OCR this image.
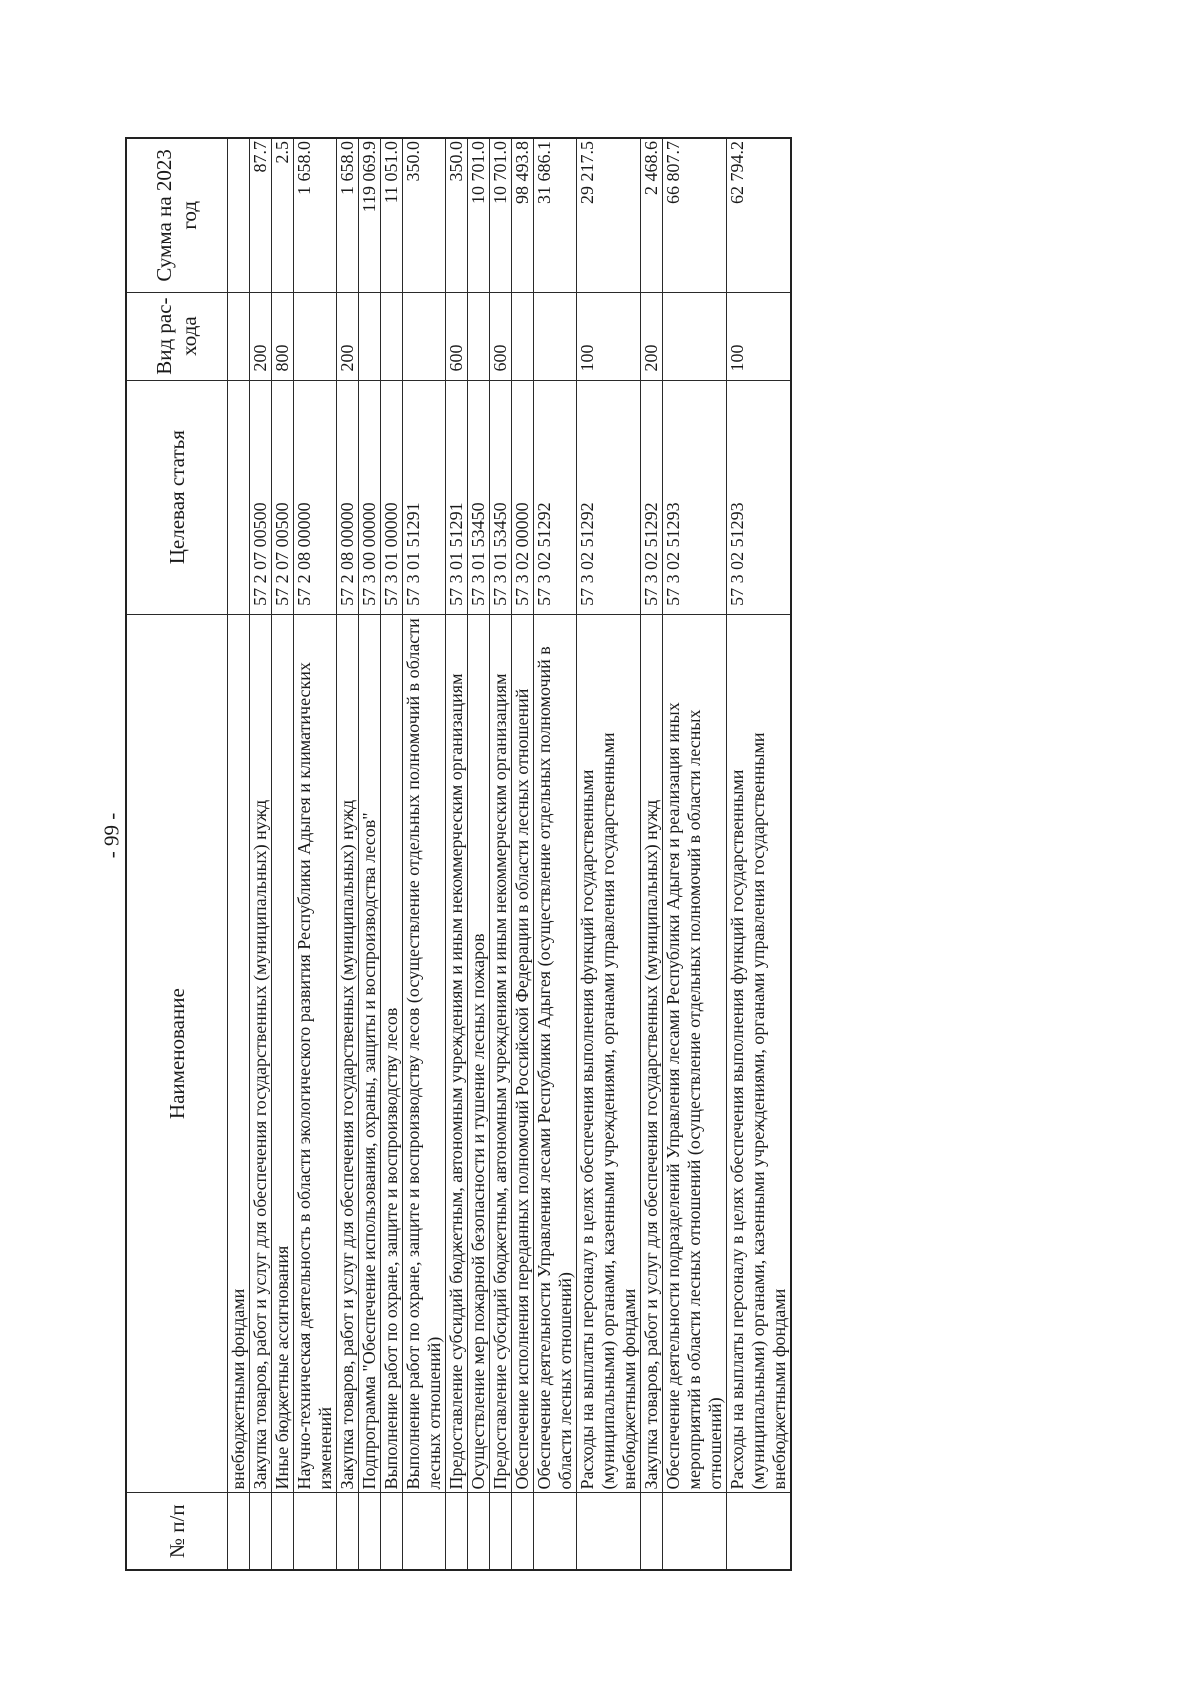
- 99 -
№ п/п	Наименование	Целевая статья	Вид рас-хода	Сумма на 2023 год
	внебюджетными фондами			
	Закупка товаров, работ и услуг для обеспечения государственных (муниципальных) нужд	57 2 07 00500	200	87.7
	Иные бюджетные ассигнования	57 2 07 00500	800	2.5
	Научно-техническая деятельность в области экологического развития Республики Адыгея и климатических изменений	57 2 08 00000		1 658.0
	Закупка товаров, работ и услуг для обеспечения государственных (муниципальных) нужд	57 2 08 00000	200	1 658.0
	Подпрограмма "Обеспечение использования, охраны, защиты и воспроизводства лесов"	57 3 00 00000		119 069.9
	Выполнение работ по охране, защите и воспроизводству лесов	57 3 01 00000		11 051.0
	Выполнение работ по охране, защите и воспроизводству лесов (осуществление отдельных полномочий в области лесных отношений)	57 3 01 51291		350.0
	Предоставление субсидий бюджетным, автономным учреждениям и иным некоммерческим организациям	57 3 01 51291	600	350.0
	Осуществление мер пожарной безопасности и тушение лесных пожаров	57 3 01 53450		10 701.0
	Предоставление субсидий бюджетным, автономным учреждениям и иным некоммерческим организациям	57 3 01 53450	600	10 701.0
	Обеспечение исполнения переданных полномочий Российской Федерации в области лесных отношений	57 3 02 00000		98 493.8
	Обеспечение деятельности Управления лесами Республики Адыгея (осуществление отдельных полномочий в области лесных отношений)	57 3 02 51292		31 686.1
	Расходы на выплаты персоналу в целях обеспечения выполнения функций государственными (муниципальными) органами, казенными учреждениями, органами управления государственными внебюджетными фондами	57 3 02 51292	100	29 217.5
	Закупка товаров, работ и услуг для обеспечения государственных (муниципальных) нужд	57 3 02 51292	200	2 468.6
	Обеспечение деятельности подразделений Управления лесами Республики Адыгея и реализация иных мероприятий в области лесных отношений (осуществление отдельных полномочий в области лесных отношений)	57 3 02 51293		66 807.7
	Расходы на выплаты персоналу в целях обеспечения выполнения функций государственными (муниципальными) органами, казенными учреждениями, органами управления государственными внебюджетными фондами	57 3 02 51293	100	62 794.2
